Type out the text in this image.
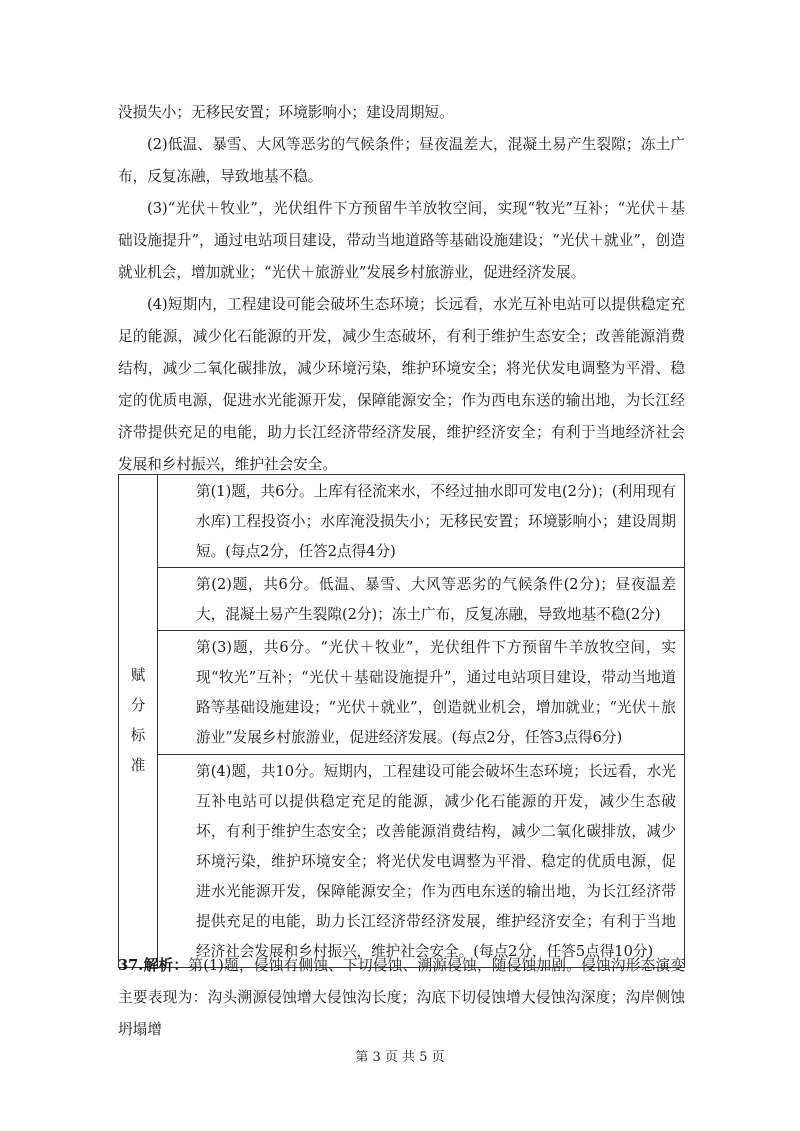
没损失小；无移民安置；环境影响小；建设周期短。

(2)低温、暴雪、大风等恶劣的气候条件；昼夜温差大，混凝土易产生裂隙；冻土广布，反复冻融，导致地基不稳。

(3)“光伏＋牧业”，光伏组件下方预留牛羊放牧空间，实现“牧光”互补；“光伏＋基础设施提升”，通过电站项目建设，带动当地道路等基础设施建设；“光伏＋就业”，创造就业机会，增加就业；“光伏＋旅游业”发展乡村旅游业，促进经济发展。

(4)短期内，工程建设可能会破坏生态环境；长远看，水光互补电站可以提供稳定充足的能源，减少化石能源的开发，减少生态破坏，有利于维护生态安全；改善能源消费结构，减少二氧化碳排放，减少环境污染，维护环境安全；将光伏发电调整为平滑、稳定的优质电源，促进水光能源开发，保障能源安全；作为西电东送的输出地，为长江经济带提供充足的电能，助力长江经济带经济发展，维护经济安全；有利于当地经济社会发展和乡村振兴，维护社会安全。

赋
分
标
准
	第(1)题，共6分。上库有径流来水，不经过抽水即可发电(2分)；(利用现有水库)工程投资小；水库淹没损失小；无移民安置；环境影响小；建设周期短。(每点2分，任答2点得4分)
第(2)题，共6分。低温、暴雪、大风等恶劣的气候条件(2分)；昼夜温差大，混凝土易产生裂隙(2分)；冻土广布，反复冻融，导致地基不稳(2分)
第(3)题，共6分。“光伏＋牧业”，光伏组件下方预留牛羊放牧空间，实现“牧光”互补；“光伏＋基础设施提升”，通过电站项目建设，带动当地道路等基础设施建设；“光伏＋就业”，创造就业机会，增加就业；“光伏＋旅游业”发展乡村旅游业，促进经济发展。(每点2分，任答3点得6分)
第(4)题，共10分。短期内，工程建设可能会破坏生态环境；长远看，水光互补电站可以提供稳定充足的能源，减少化石能源的开发，减少生态破坏，有利于维护生态安全；改善能源消费结构，减少二氧化碳排放，减少环境污染，维护环境安全；将光伏发电调整为平滑、稳定的优质电源，促进水光能源开发，保障能源安全；作为西电东送的输出地，为长江经济带提供充足的电能，助力长江经济带经济发展，维护经济安全；有利于当地经济社会发展和乡村振兴，维护社会安全。(每点2分，任答5点得10分)
37.解析：第(1)题，侵蚀有侧蚀、下切侵蚀、溯源侵蚀，随侵蚀加剧。侵蚀沟形态演变主要表现为：沟头溯源侵蚀增大侵蚀沟长度；沟底下切侵蚀增大侵蚀沟深度；沟岸侧蚀坍塌增
第 3 页 共 5 页
